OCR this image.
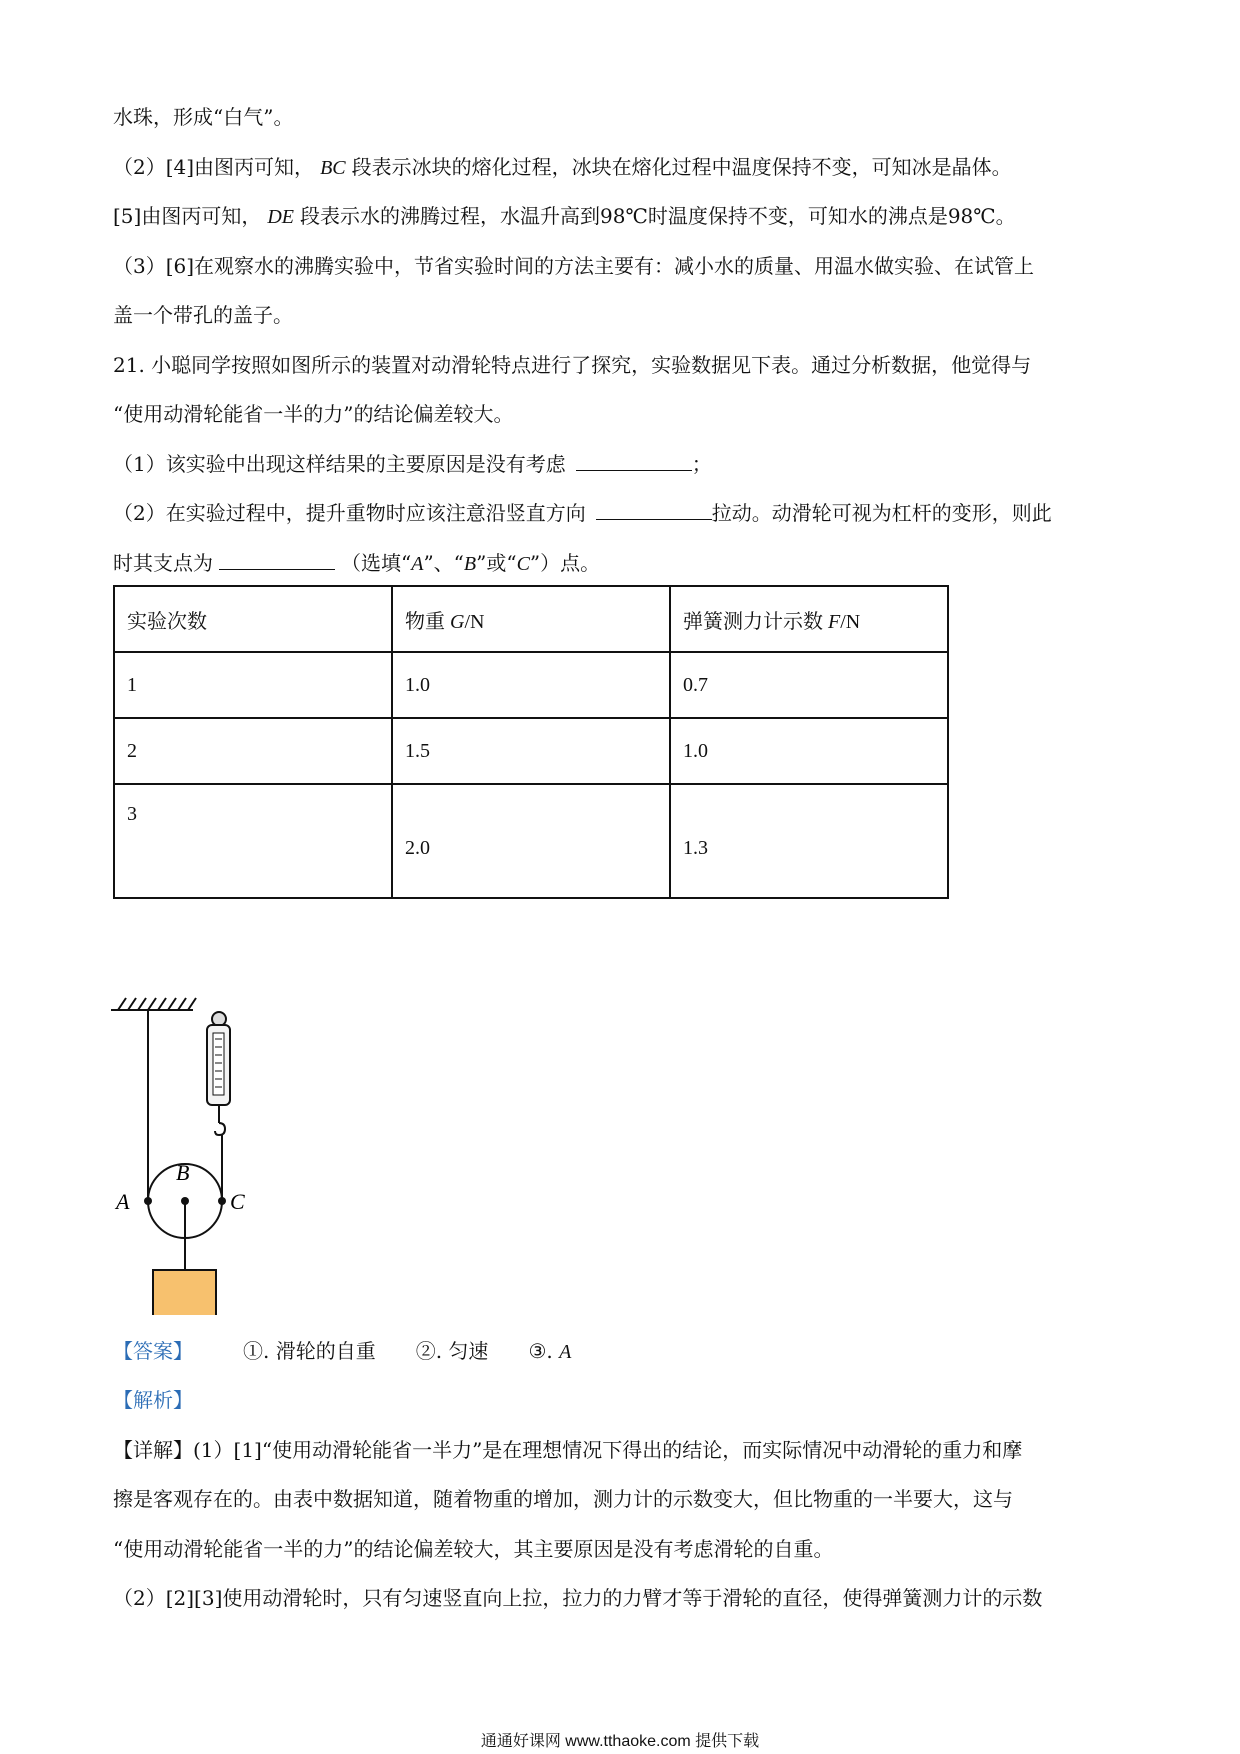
水珠，形成“白气”。
（2）[4]由图丙可知， BC 段表示冰块的熔化过程，冰块在熔化过程中温度保持不变，可知冰是晶体。
[5]由图丙可知， DE 段表示水的沸腾过程，水温升高到98℃时温度保持不变，可知水的沸点是98℃。
（3）[6]在观察水的沸腾实验中，节省实验时间的方法主要有：减小水的质量、用温水做实验、在试管上
盖一个带孔的盖子。
21. 小聪同学按照如图所示的装置对动滑轮特点进行了探究，实验数据见下表。通过分析数据，他觉得与
“使用动滑轮能省一半的力”的结论偏差较大。
（1）该实验中出现这样结果的主要原因是没有考虑	；
（2）在实验过程中，提升重物时应该注意沿竖直方向	拉动。动滑轮可视为杠杆的变形，则此
时其支点为	（选填“A”、“B”或“C”）点。
实验次数	物重 G/N	弹簧测力计示数 F/N
1	1.0	0.7
2	1.5	1.0
3	2.0	1.3
A
B
C
【答案】	①. 滑轮的自重 ②. 匀速 ③. A
【解析】
【详解】(1）[1]“使用动滑轮能省一半力”是在理想情况下得出的结论，而实际情况中动滑轮的重力和摩
擦是客观存在的。由表中数据知道，随着物重的增加，测力计的示数变大，但比物重的一半要大，这与
“使用动滑轮能省一半的力”的结论偏差较大，其主要原因是没有考虑滑轮的自重。
（2）[2][3]使用动滑轮时，只有匀速竖直向上拉，拉力的力臂才等于滑轮的直径，使得弹簧测力计的示数
通通好课网 www.tthaoke.com 提供下载
